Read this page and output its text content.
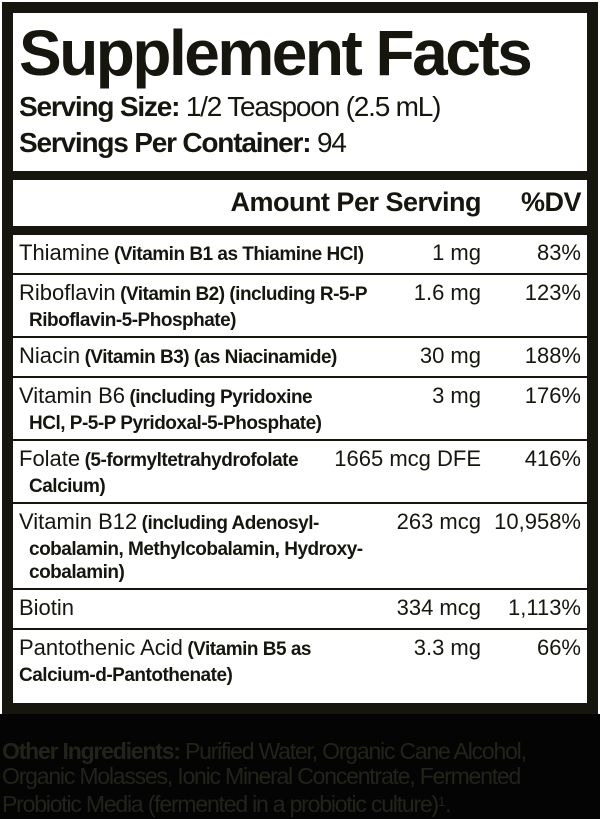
Supplement Facts
Serving Size: 1/2 Teaspoon (2.5 mL)
Servings Per Container: 94
Amount Per Serving	%DV
Thiamine (Vitamin B1 as Thiamine HCl)	1 mg	83%
Riboflavin (Vitamin B2) (including R-5-P
Riboflavin-5-Phosphate)
1.6 mg	123%
Niacin (Vitamin B3) (as Niacinamide)	30 mg	188%
Vitamin B6 (including Pyridoxine
HCl, P-5-P Pyridoxal-5-Phosphate)
3 mg	176%
Folate (5-formyltetrahydrofolate
Calcium)
1665 mcg DFE	416%
Vitamin B12 (including Adenosyl-
cobalamin, Methylcobalamin, Hydroxy-
cobalamin)
263 mcg 10,958%
Biotin	334 mcg	1,113%
Pantothenic Acid (Vitamin B5 as
Calcium-d-Pantothenate)
3.3 mg	66%
Other Ingredients: Purified Water, Organic Cane Alcohol,
Organic Molasses, Ionic Mineral Concentrate, Fermented
Probiotic Media (fermented in a probiotic culture)$^1$.
